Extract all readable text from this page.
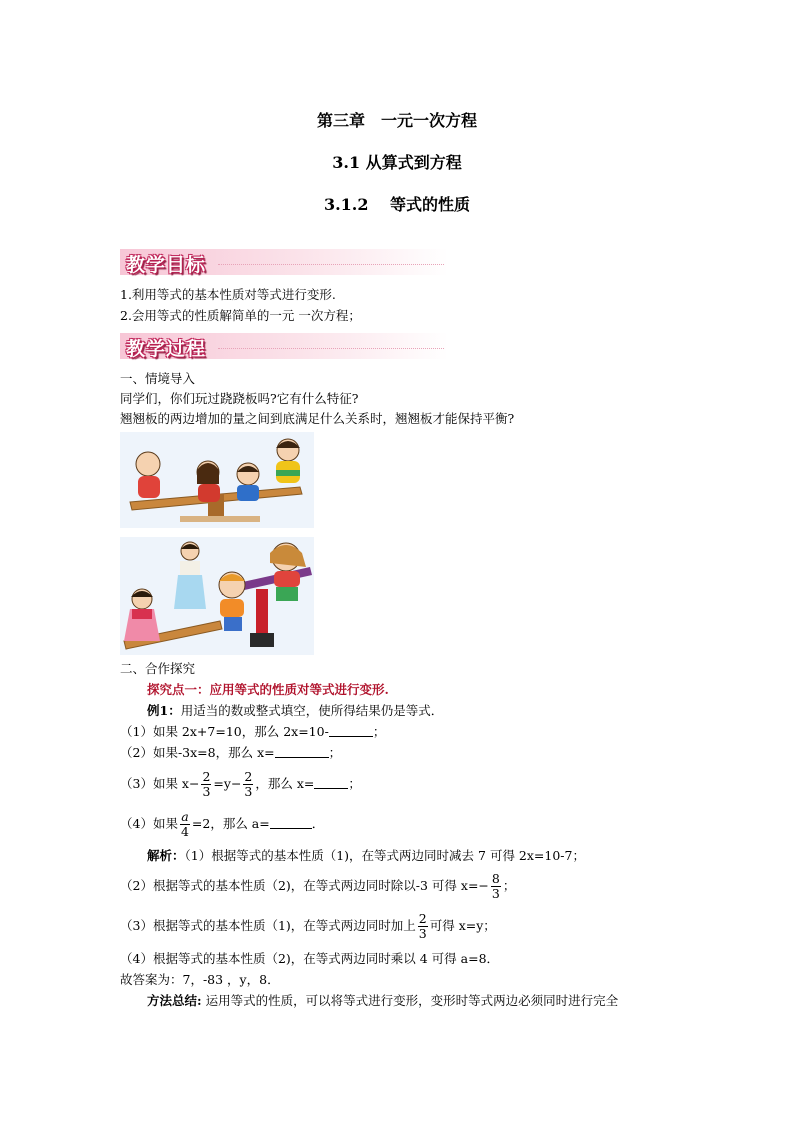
第三章　一元一次方程
3.1 从算式到方程
3.1.2　 等式的性质
教学目标
1.利用等式的基本性质对等式进行变形.
2.会用等式的性质解简单的一元 一次方程；
教学过程
一、情境导入
同学们，你们玩过跷跷板吗?它有什么特征?
翘翘板的两边增加的量之间到底满足什么关系时，翘翘板才能保持平衡?
二、合作探究
探究点一：应用等式的性质对等式进行变形.
例1：用适当的数或整式填空，使所得结果仍是等式．
（1）如果 2x+7=10，那么 2x=10-	；
（2）如果-3x=8，那么 x=	；
（3）如果 $x- \frac{2}{3} =y- \frac{2}{3}$ ，那么 x=	；
（4）如果 $\frac{a}{4} =2$，那么 a=	．
解析：（1）根据等式的基本性质（1)，在等式两边同时减去 7 可得 2x=10-7；
（2）根据等式的基本性质（2)，在等式两边同时除以-3 可得 $x=- \frac{8}{3}$ ；
（3）根据等式的基本性质（1)，在等式两边同时加上 $\frac{2}{3}$ 可得 x=y；
（4）根据等式的基本性质（2)，在等式两边同时乘以 4 可得 a=8．
故答案为：7，-83 ，y，8．
方法总结: 运用等式的性质，可以将等式进行变形，变形时等式两边必须同时进行完全
